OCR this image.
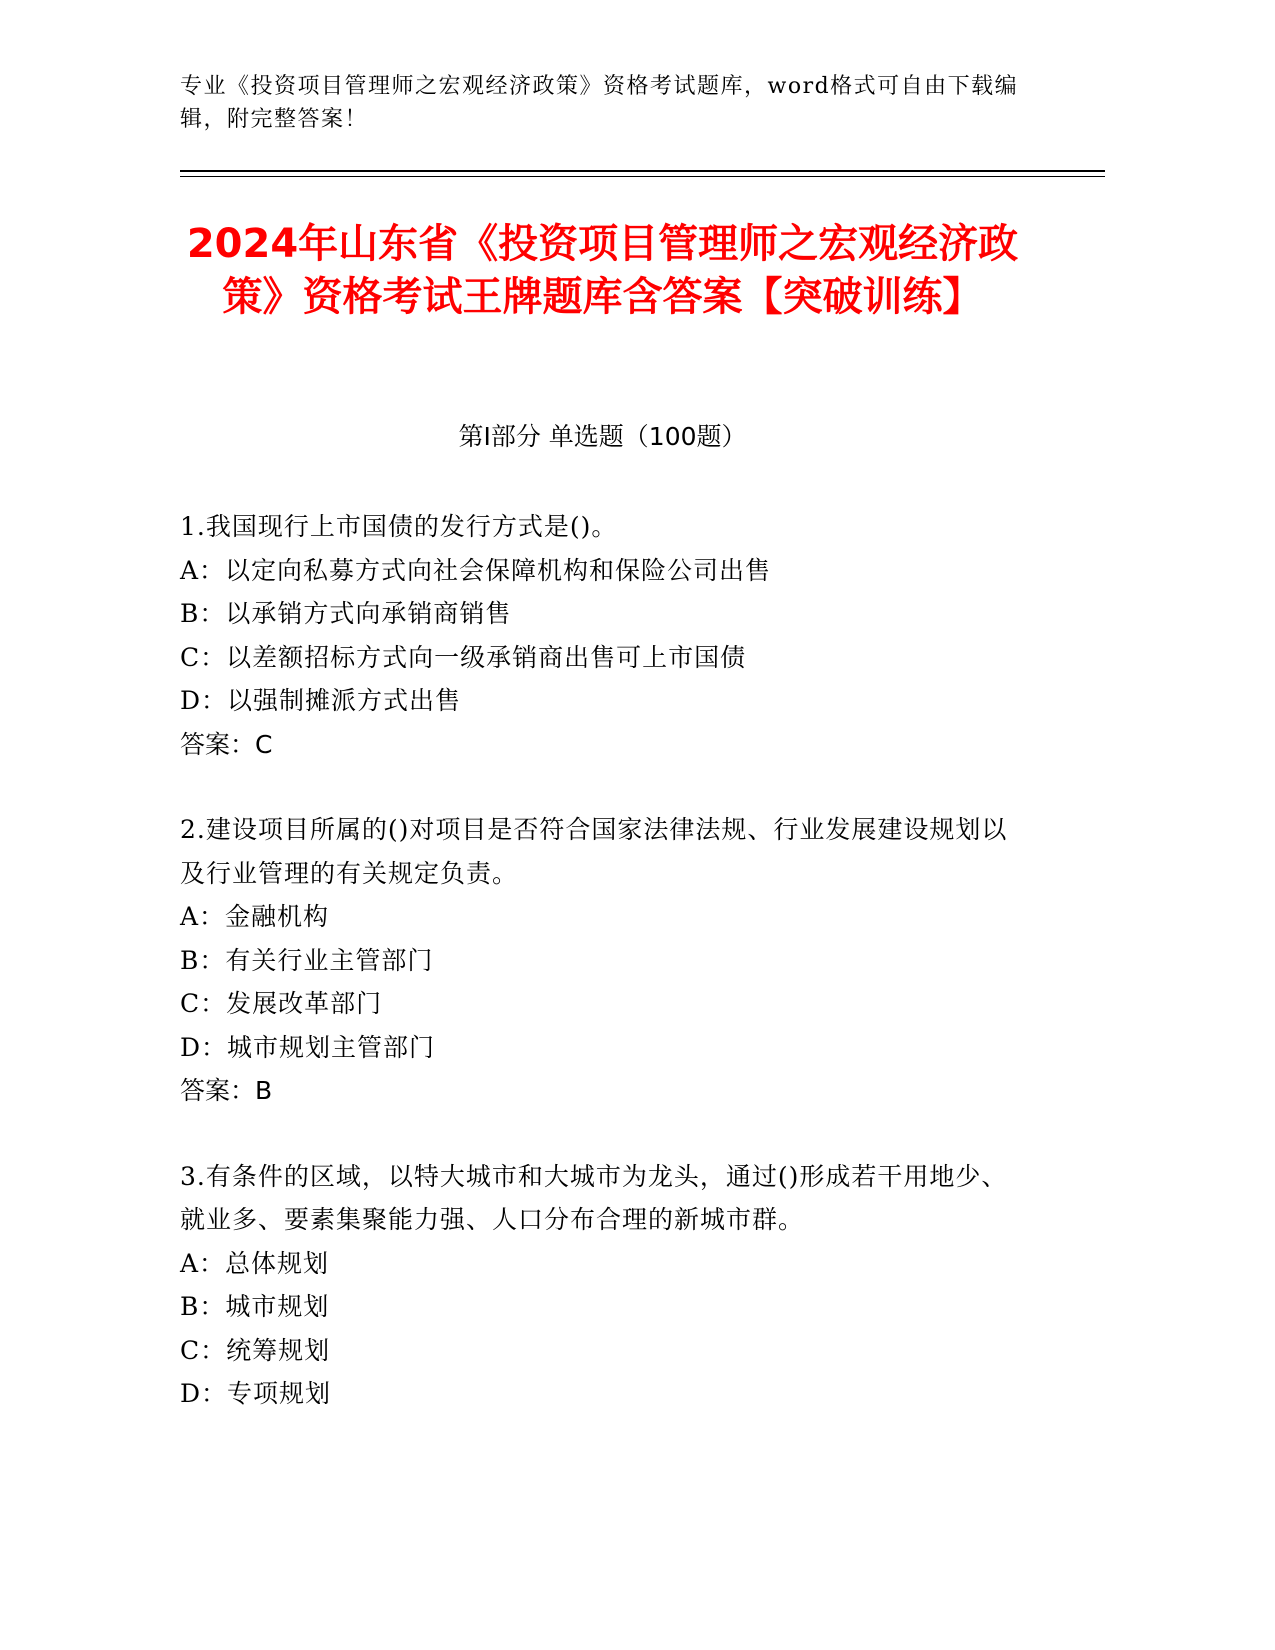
专业《投资项目管理师之宏观经济政策》资格考试题库，word格式可自由下载编辑，附完整答案！
2024年山东省《投资项目管理师之宏观经济政策》资格考试王牌题库含答案【突破训练】
第I部分 单选题（100题）
1.我国现行上市国债的发行方式是()。
A：以定向私募方式向社会保障机构和保险公司出售
B：以承销方式向承销商销售
C：以差额招标方式向一级承销商出售可上市国债
D：以强制摊派方式出售
答案：C
2.建设项目所属的()对项目是否符合国家法律法规、行业发展建设规划以及行业管理的有关规定负责。
A：金融机构
B：有关行业主管部门
C：发展改革部门
D：城市规划主管部门
答案：B
3.有条件的区域，以特大城市和大城市为龙头，通过()形成若干用地少、就业多、要素集聚能力强、人口分布合理的新城市群。
A：总体规划
B：城市规划
C：统筹规划
D：专项规划
